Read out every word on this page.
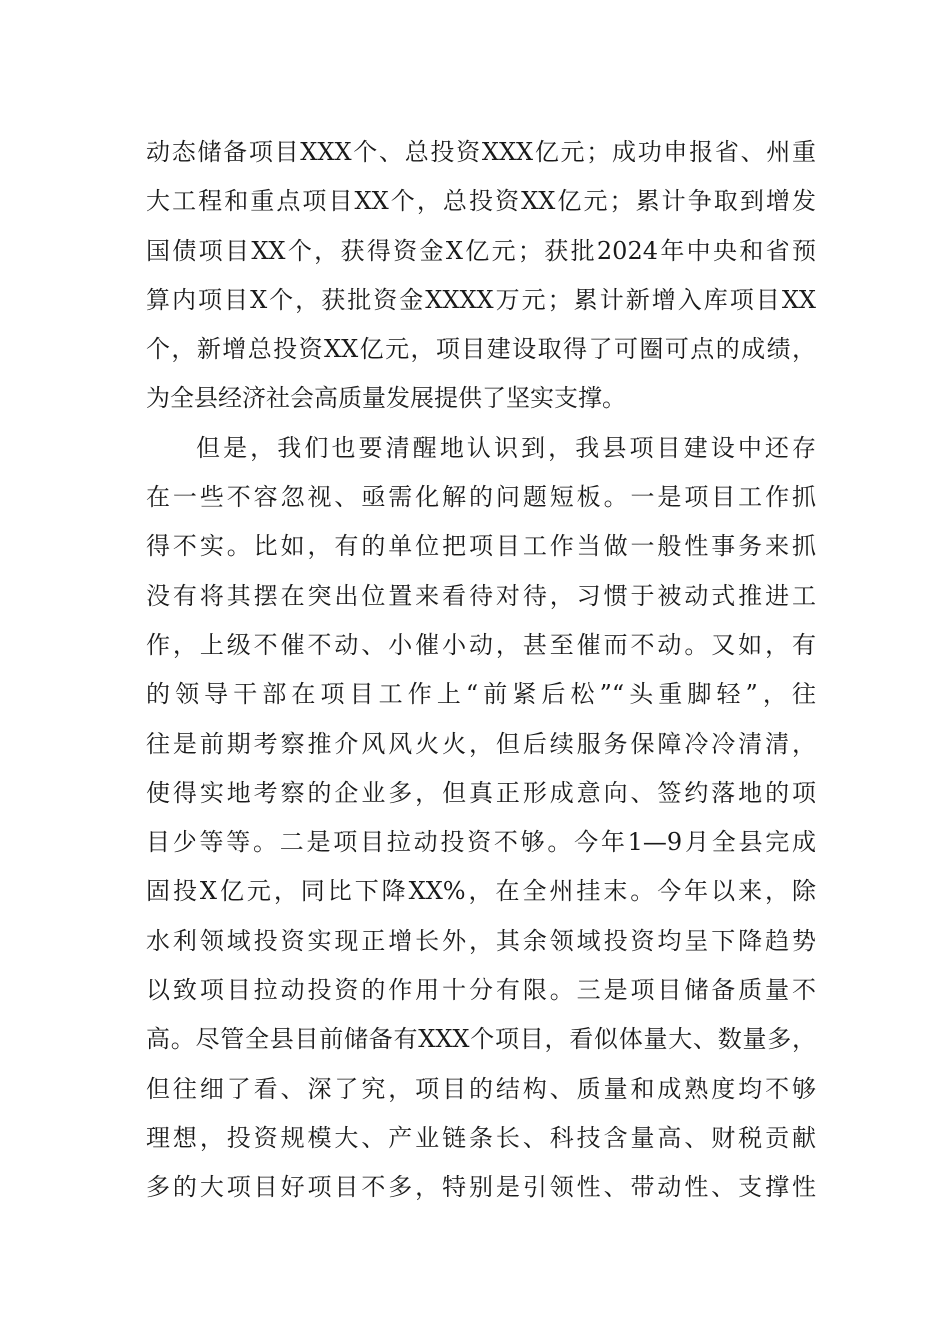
动态储备项目XXX个、总投资XXX亿元；成功申报省、州重
大工程和重点项目XX个，总投资XX亿元；累计争取到增发
国债项目XX个，获得资金X亿元；获批2024年中央和省预
算内项目X个，获批资金XXXX万元；累计新增入库项目XX
个，新增总投资XX亿元，项目建设取得了可圈可点的成绩，
为全县经济社会高质量发展提供了坚实支撑。
但是，我们也要清醒地认识到，我县项目建设中还存
在一些不容忽视、亟需化解的问题短板。一是项目工作抓
得不实。比如，有的单位把项目工作当做一般性事务来抓
没有将其摆在突出位置来看待对待，习惯于被动式推进工
作，上级不催不动、小催小动，甚至催而不动。又如，有
的领导干部在项目工作上“前紧后松”“头重脚轻”，往
往是前期考察推介风风火火，但后续服务保障冷冷清清，
使得实地考察的企业多，但真正形成意向、签约落地的项
目少等等。二是项目拉动投资不够。今年1—9月全县完成
固投X亿元，同比下降XX%，在全州挂末。今年以来，除
水利领域投资实现正增长外，其余领域投资均呈下降趋势
以致项目拉动投资的作用十分有限。三是项目储备质量不
高。尽管全县目前储备有XXX个项目，看似体量大、数量多，
但往细了看、深了究，项目的结构、质量和成熟度均不够
理想，投资规模大、产业链条长、科技含量高、财税贡献
多的大项目好项目不多，特别是引领性、带动性、支撑性
